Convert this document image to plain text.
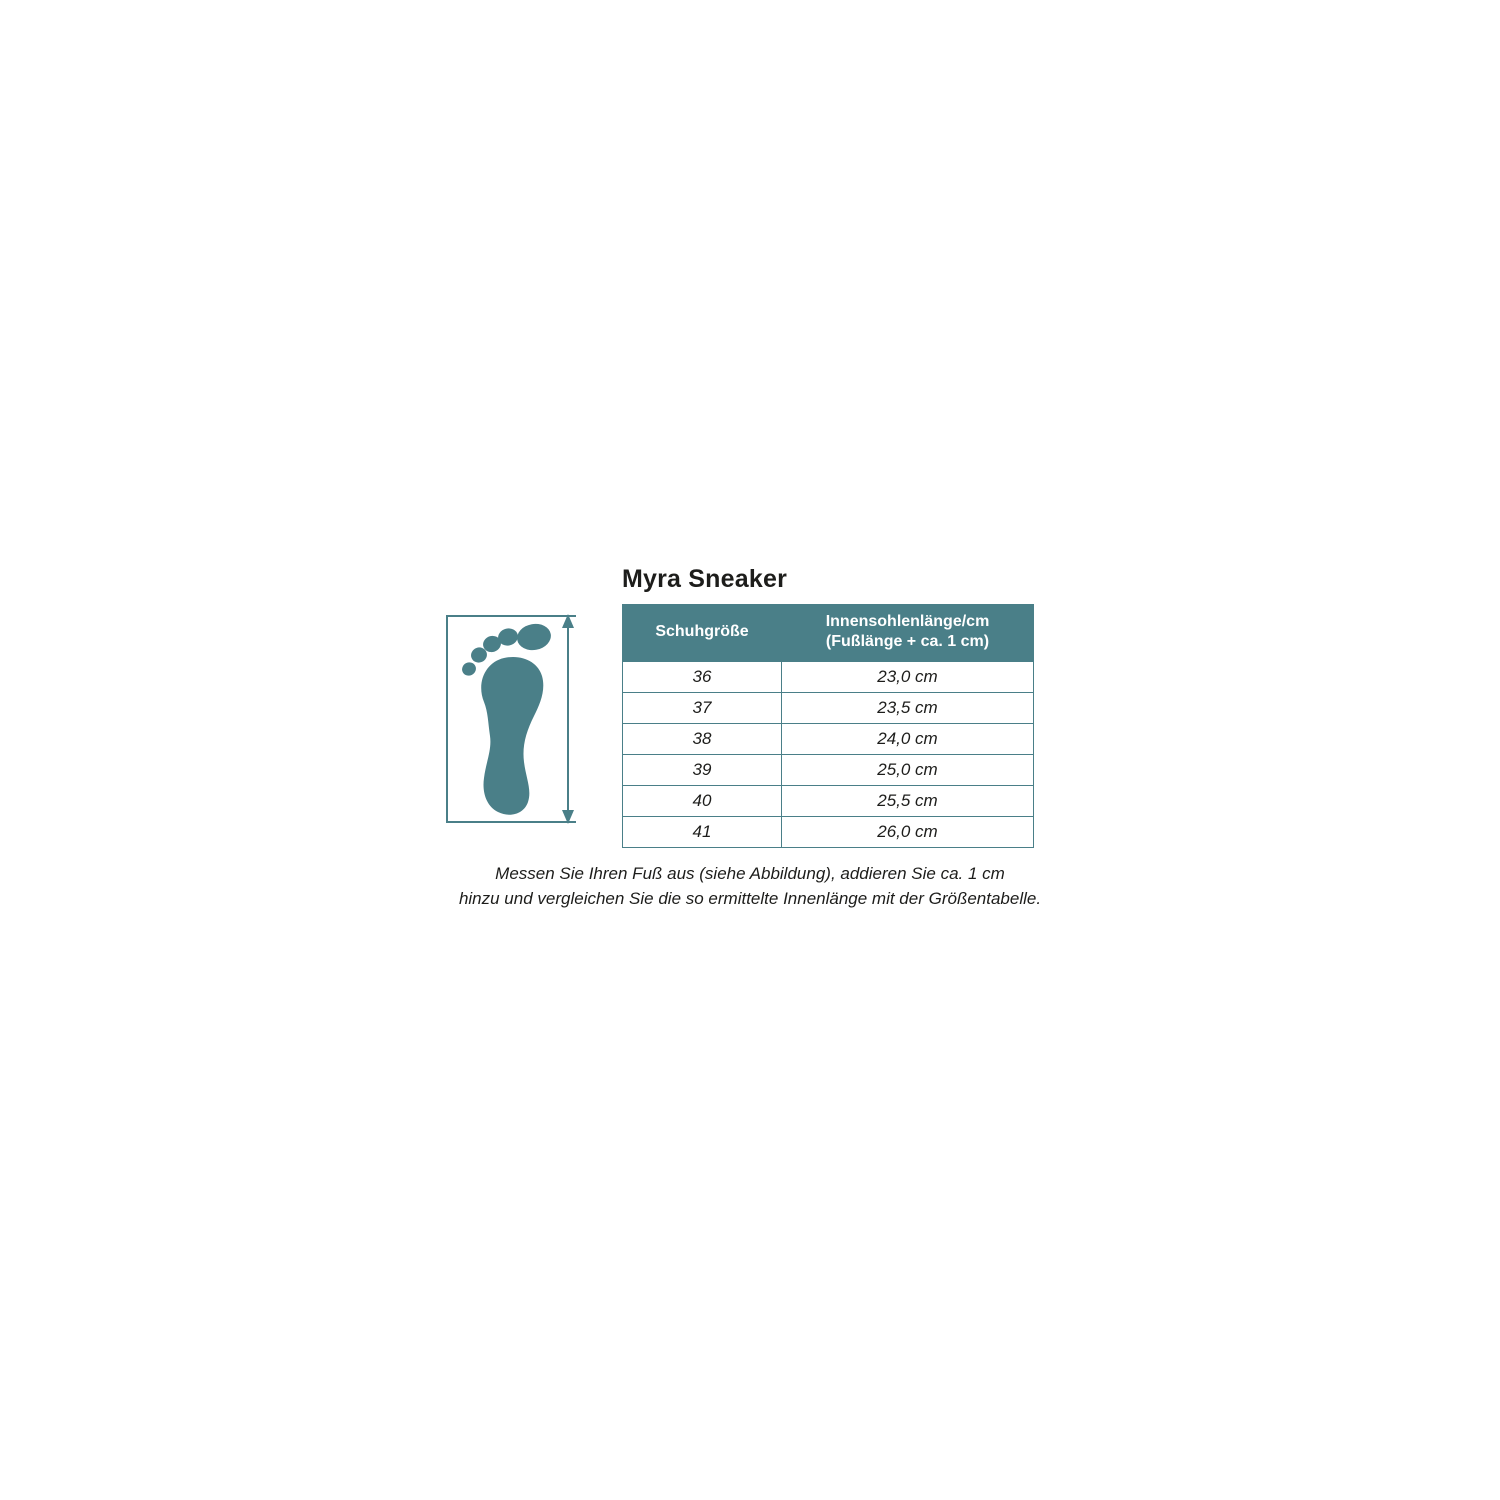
Myra Sneaker
Schuhgröße	Innensohlenlänge/cm (Fußlänge + ca. 1 cm)
36	23,0 cm
37	23,5 cm
38	24,0 cm
39	25,0 cm
40	25,5 cm
41	26,0 cm

Messen Sie Ihren Fuß aus (siehe Abbildung), addieren Sie ca. 1 cm
hinzu und vergleichen Sie die so ermittelte Innenlänge mit der Größentabelle.
